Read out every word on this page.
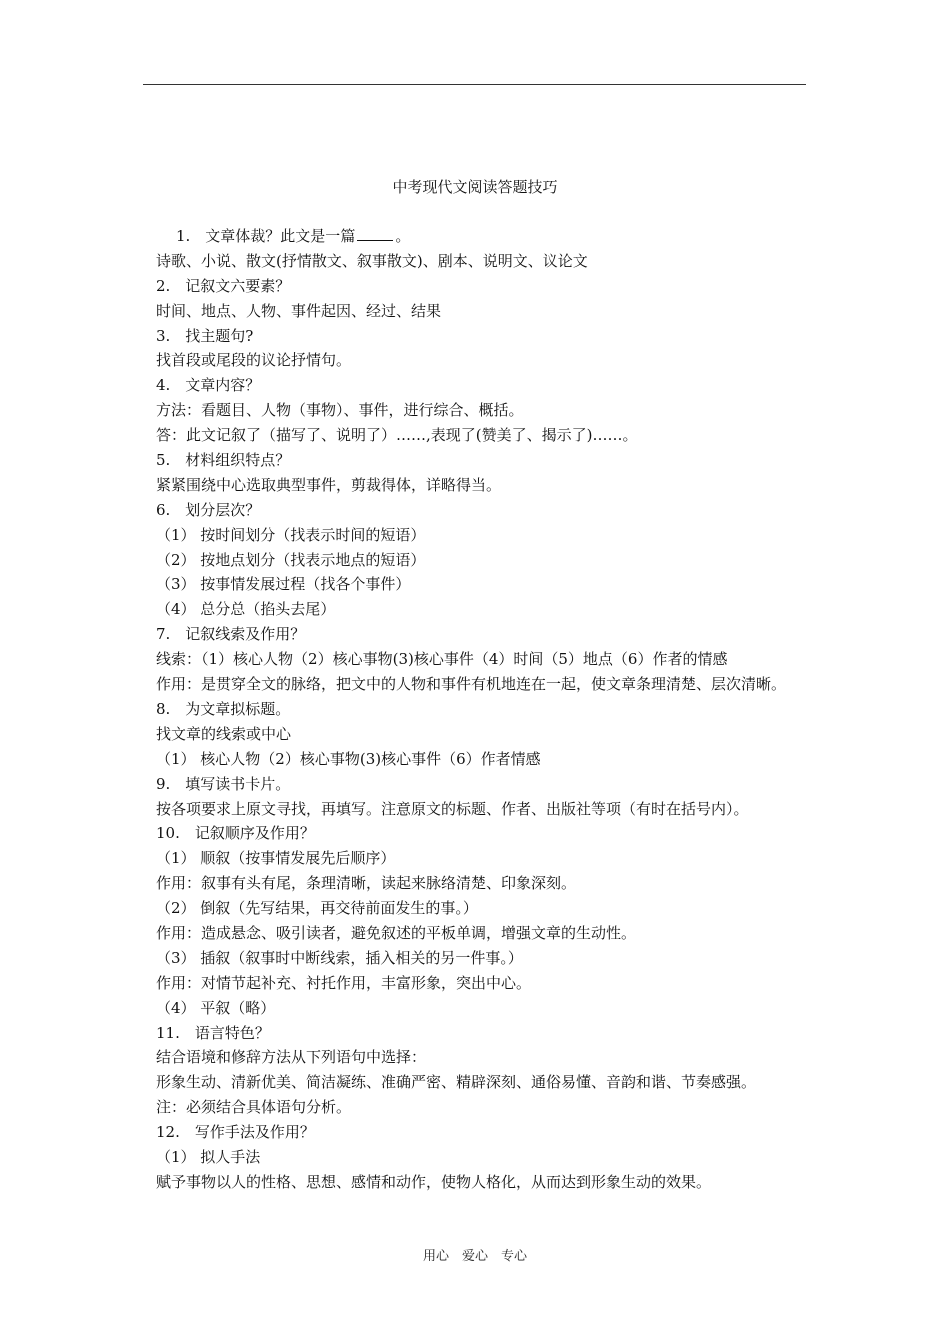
中考现代文阅读答题技巧
1.　文章体裁？此文是一篇	。
诗歌、小说、散文(抒情散文、叙事散文)、剧本、说明文、议论文
2.　记叙文六要素？
时间、地点、人物、事件起因、经过、结果
3.　找主题句?
找首段或尾段的议论抒情句。
4.　文章内容？
方法：看题目、人物（事物）、事件，进行综合、概括。
答：此文记叙了（描写了、说明了）……,表现了(赞美了、揭示了)……。
5.　材料组织特点？
紧紧围绕中心选取典型事件，剪裁得体，详略得当。
6.　划分层次？
（1） 按时间划分（找表示时间的短语）
（2） 按地点划分（找表示地点的短语）
（3） 按事情发展过程（找各个事件）
（4） 总分总（掐头去尾）
7.　记叙线索及作用？
线索：（1）核心人物（2）核心事物(3)核心事件（4）时间（5）地点（6）作者的情感
作用：是贯穿全文的脉络，把文中的人物和事件有机地连在一起，使文章条理清楚、层次清晰。
8.　为文章拟标题。
找文章的线索或中心
（1） 核心人物（2）核心事物(3)核心事件（6）作者情感
9.　填写读书卡片。
按各项要求上原文寻找，再填写。注意原文的标题、作者、出版社等项（有时在括号内）。
10.　记叙顺序及作用？
（1） 顺叙（按事情发展先后顺序）
作用：叙事有头有尾，条理清晰，读起来脉络清楚、印象深刻。
（2） 倒叙（先写结果，再交待前面发生的事。）
作用：造成悬念、吸引读者，避免叙述的平板单调，增强文章的生动性。
（3） 插叙（叙事时中断线索，插入相关的另一件事。）
作用：对情节起补充、衬托作用，丰富形象，突出中心。
（4） 平叙（略）
11.　语言特色？
结合语境和修辞方法从下列语句中选择：
形象生动、清新优美、简洁凝练、准确严密、精辟深刻、通俗易懂、音韵和谐、节奏感强。
注：必须结合具体语句分析。
12.　写作手法及作用？
（1） 拟人手法
赋予事物以人的性格、思想、感情和动作，使物人格化，从而达到形象生动的效果。
用心　爱心　专心
